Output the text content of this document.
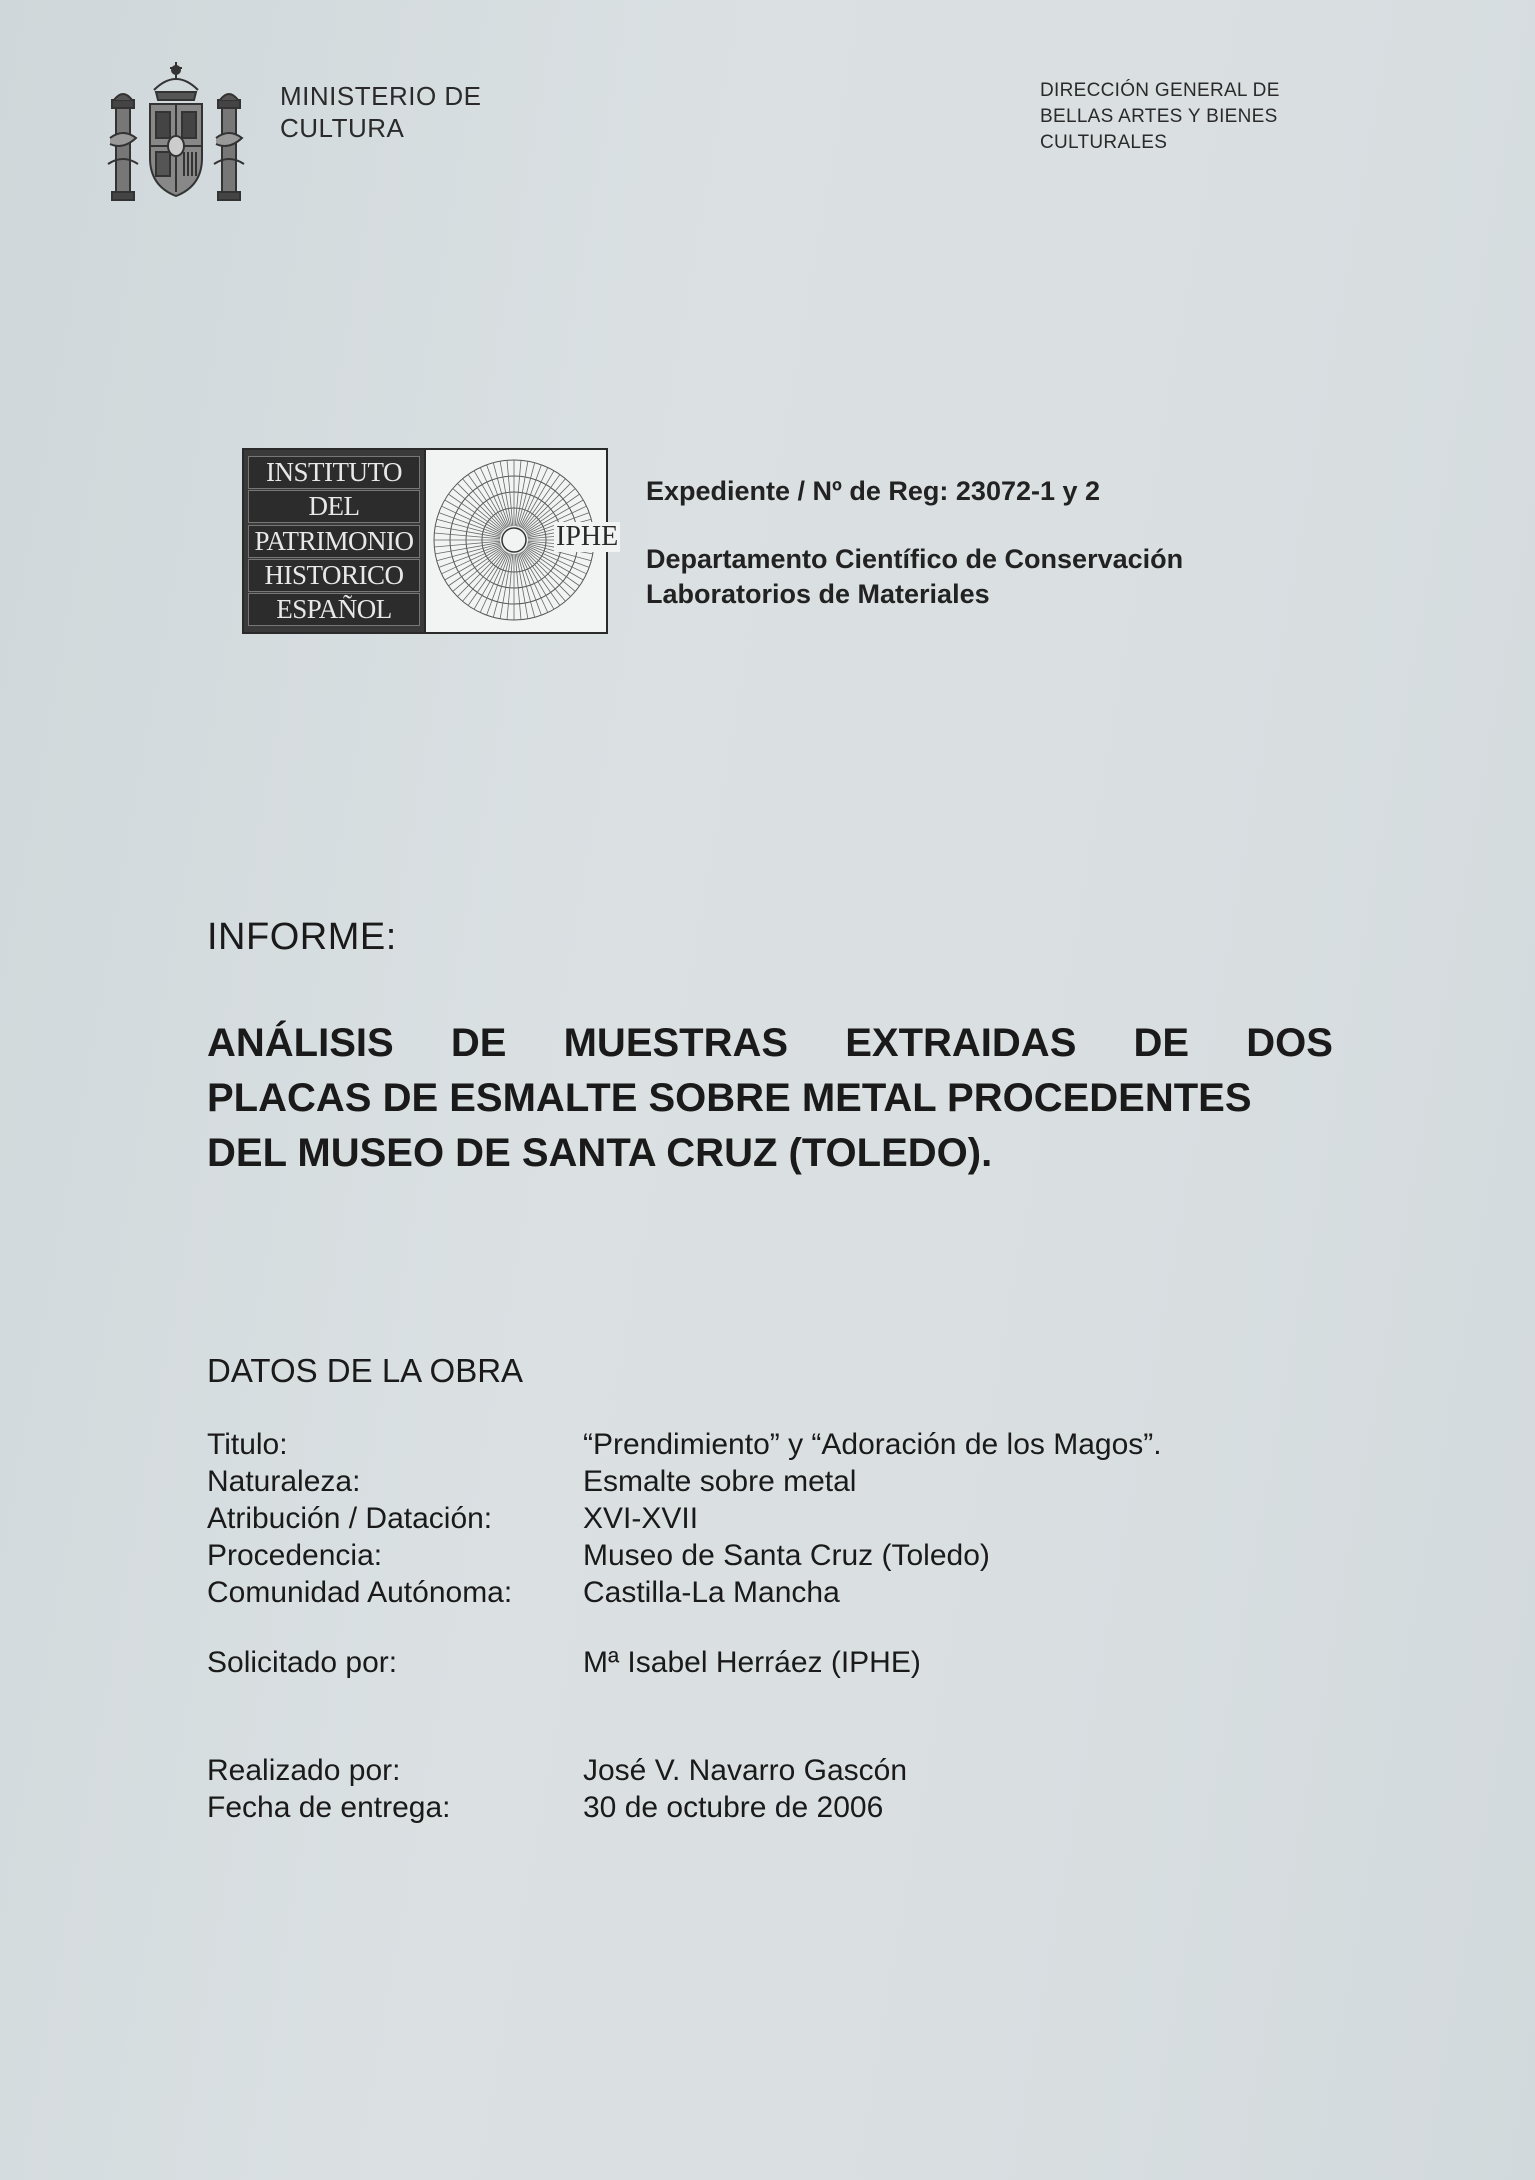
MINISTERIO DE
CULTURA
DIRECCIÓN GENERAL DE
BELLAS ARTES Y BIENES
CULTURALES
INSTITUTO
DEL
PATRIMONIO
HISTORICO
ESPAÑOL
IPHE
Expediente / Nº de Reg: 23072-1 y 2
Departamento Científico de Conservación
Laboratorios de Materiales
INFORME:
ANÁLISIS DE MUESTRAS EXTRAIDAS DE DOS
PLACAS DE ESMALTE SOBRE METAL PROCEDENTES
DEL MUSEO DE SANTA CRUZ (TOLEDO).
DATOS DE LA OBRA
Titulo:	“Prendimiento” y “Adoración de los Magos”.
Naturaleza:	Esmalte sobre metal
Atribución / Datación:	XVI-XVII
Procedencia:	Museo de Santa Cruz (Toledo)
Comunidad Autónoma: Castilla-La Mancha
Solicitado por:	Mª Isabel Herráez (IPHE)
Realizado por:	José V. Navarro Gascón
Fecha de entrega:	30 de octubre de 2006
